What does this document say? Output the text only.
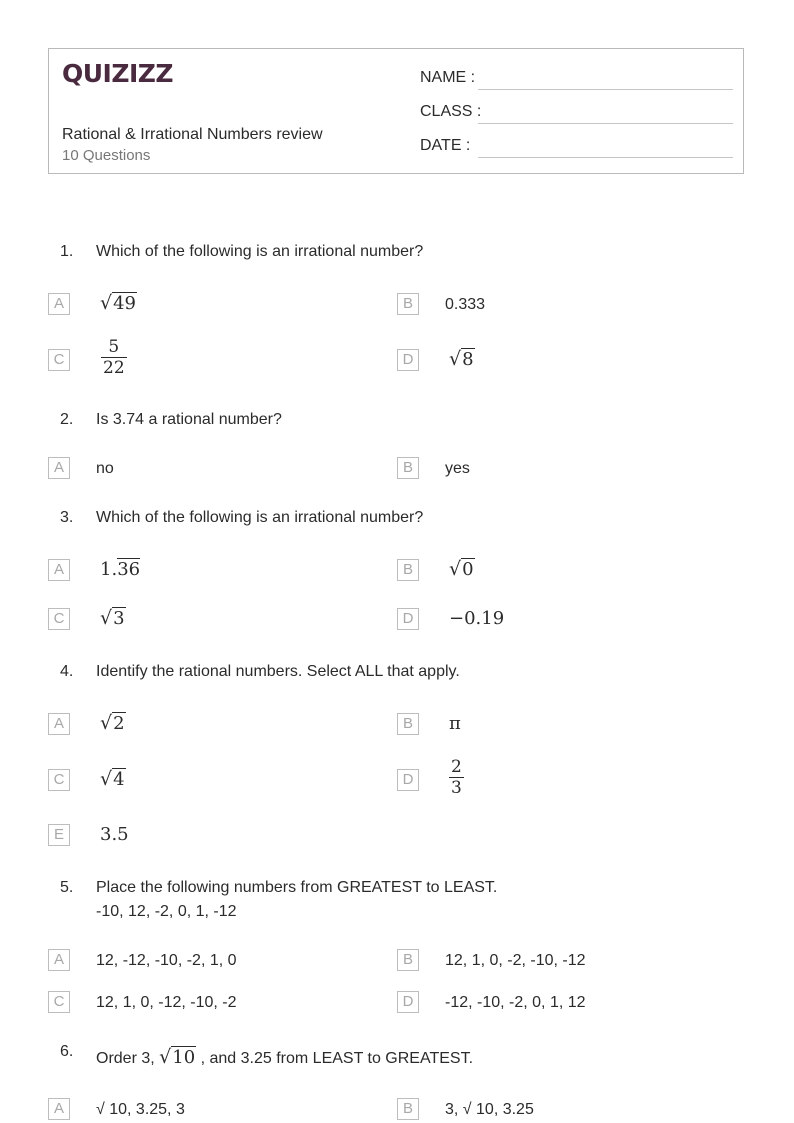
QUIZIZZ
Rational & Irrational Numbers review
10 Questions
NAME :
CLASS :
DATE :
1. Which of the following is an irrational number?
A	√49	B	0.333
C	$\frac{5}{22}$	D √8
2. Is 3.74 a rational number?
A	no	B	yes
3. Which of the following is an irrational number?
A	1.36	B	√0
C √3	D	−0.19
4. Identify the rational numbers. Select ALL that apply.
A	√2	B	π
C √4	D	$\frac{2}{3}$
E	3.5
5. Place the following numbers from GREATEST to LEAST.
-10, 12, -2, 0, 1, -12
A	12, -12, -10, -2, 1, 0	B	12, 1, 0, -2, -10, -12
C	12, 1, 0, -12, -10, -2	D	-12, -10, -2, 0, 1, 12
6. Order 3, √10 , and 3.25 from LEAST to GREATEST.
A	√ 10, 3.25, 3	B	3, √ 10, 3.25
